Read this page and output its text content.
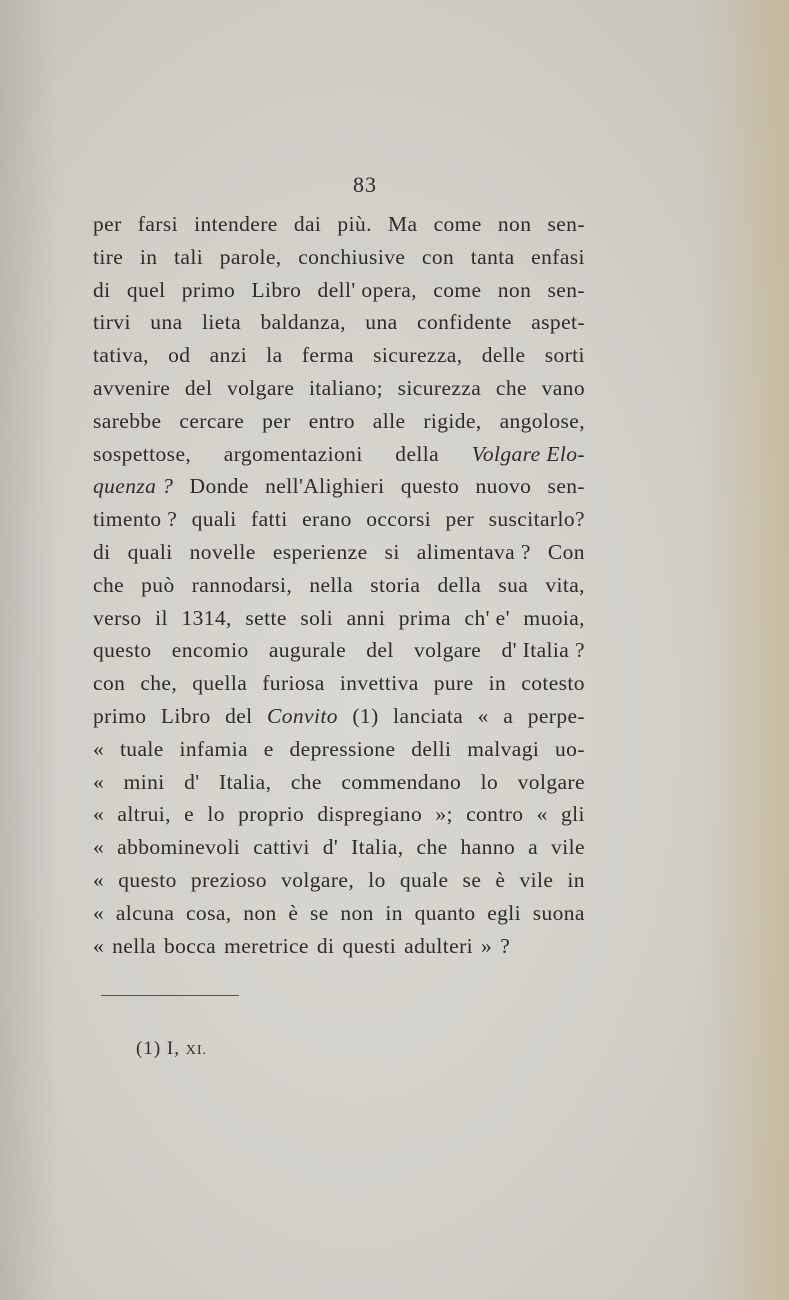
83
per farsi intendere dai più. Ma come non sen-
tire in tali parole, conchiusive con tanta enfasi
di quel primo Libro dell' opera, come non sen-
tirvi una lieta baldanza, una confidente aspet-
tativa, od anzi la ferma sicurezza, delle sorti
avvenire del volgare italiano; sicurezza che vano
sarebbe cercare per entro alle rigide, angolose,
sospettose, argomentazioni della Volgare Elo-
quenza ? Donde nell'Alighieri questo nuovo sen-
timento ? quali fatti erano occorsi per suscitarlo?
di quali novelle esperienze si alimentava ? Con
che può rannodarsi, nella storia della sua vita,
verso il 1314, sette soli anni prima ch' e' muoia,
questo encomio augurale del volgare d' Italia ?
con che, quella furiosa invettiva pure in cotesto
primo Libro del Convito (1) lanciata « a perpe-
« tuale infamia e depressione delli malvagi uo-
« mini d' Italia, che commendano lo volgare
« altrui, e lo proprio dispregiano »; contro « gli
« abbominevoli cattivi d' Italia, che hanno a vile
« questo prezioso volgare, lo quale se è vile in
« alcuna cosa, non è se non in quanto egli suona
« nella bocca meretrice di questi adulteri » ?
(1) I, XI.
